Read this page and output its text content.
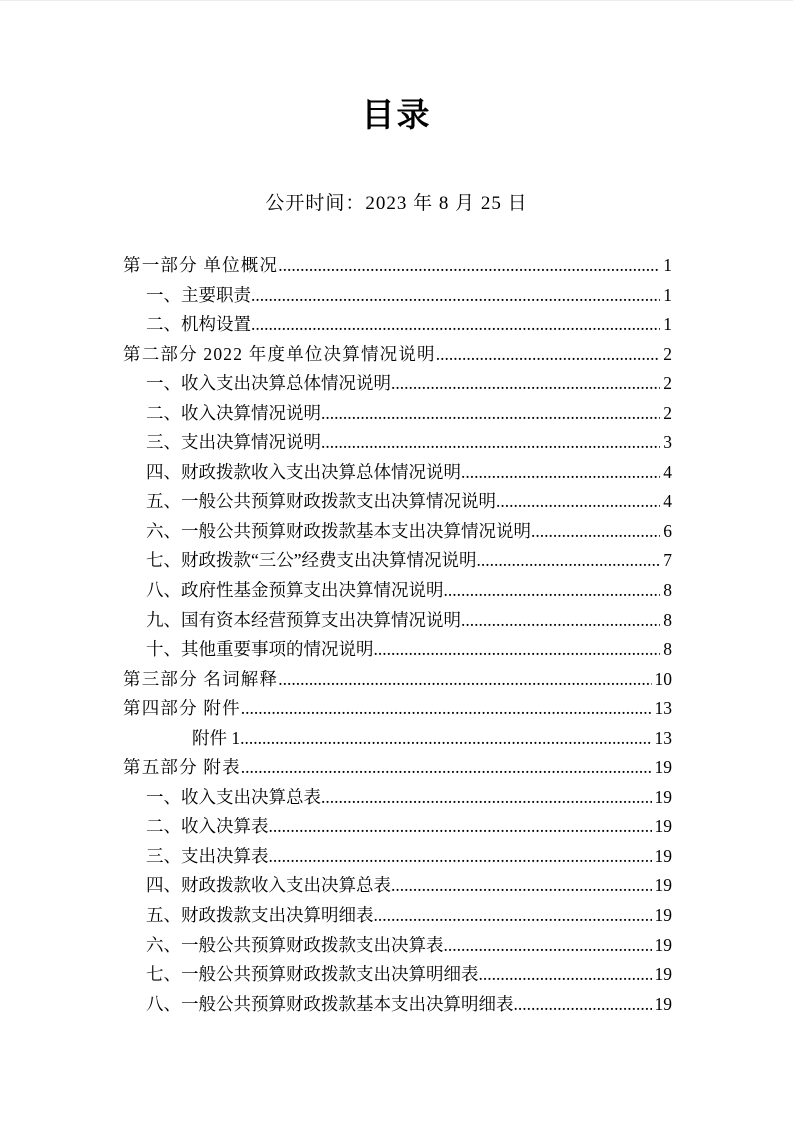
目录

公开时间：2023 年 8 月 25 日

第一部分 单位概况 .....	1
一、主要职责 .....	1
二、机构设置 .....	1
第二部分 2022 年度单位决算情况说明 .....	2
一、收入支出决算总体情况说明 .....	2
二、收入决算情况说明 .....	2
三、支出决算情况说明 .....	3
四、财政拨款收入支出决算总体情况说明 .....	4
五、一般公共预算财政拨款支出决算情况说明 .....	4
六、一般公共预算财政拨款基本支出决算情况说明 .....	6
七、财政拨款“三公”经费支出决算情况说明 .....	7
八、政府性基金预算支出决算情况说明 .....	8
九、国有资本经营预算支出决算情况说明 .....	8
十、其他重要事项的情况说明 .....	8
第三部分 名词解释 .....	10
第四部分 附件 .....	13
附件 1 .....	13
第五部分 附表 .....	19
一、收入支出决算总表 .....	19
二、收入决算表 .....	19
三、支出决算表 .....	19
四、财政拨款收入支出决算总表 .....	19
五、财政拨款支出决算明细表 .....	19
六、一般公共预算财政拨款支出决算表 .....	19
七、一般公共预算财政拨款支出决算明细表 .....	19
八、一般公共预算财政拨款基本支出决算明细表 .....	19
